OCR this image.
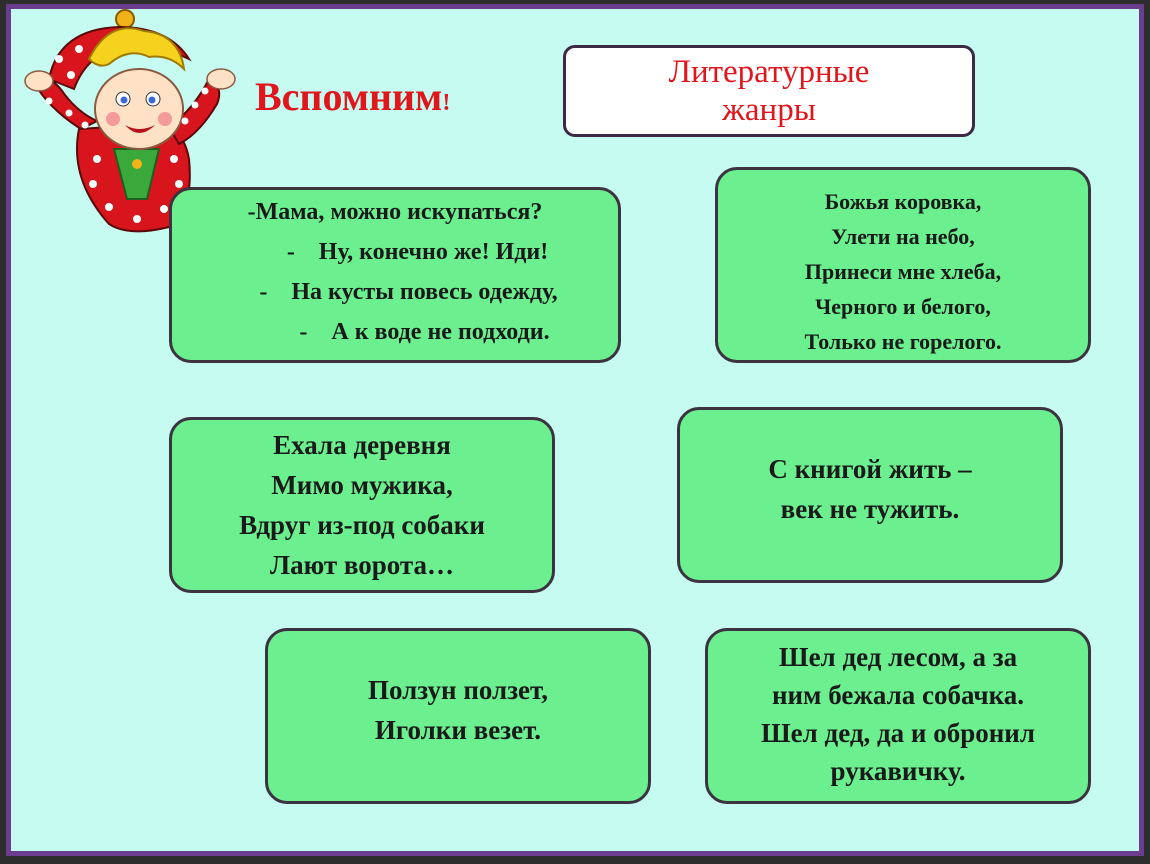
Вспомним!
Литературные
жанры
-Мама, можно искупаться?
-    Ну, конечно же! Иди!
-    На кусты повесь одежду,
-    А к воде не подходи.
Божья коровка,
Улети на небо,
Принеси мне хлеба,
Черного и белого,
Только не горелого.
Ехала деревня
Мимо мужика,
Вдруг из-под собаки
Лают ворота…
С книгой жить –
век не тужить.
Ползун ползет,
Иголки везет.
Шел дед лесом, а за
ним бежала собачка.
Шел дед, да и обронил
рукавичку.
